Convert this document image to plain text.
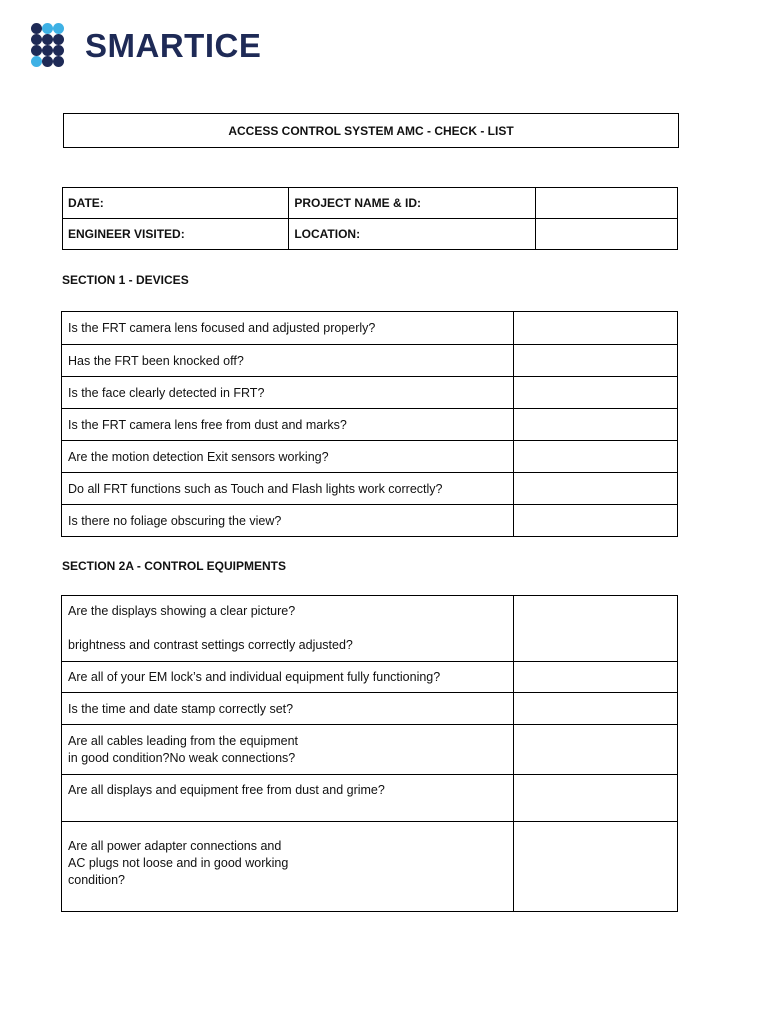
SMARTICE
ACCESS CONTROL SYSTEM AMC - CHECK - LIST
DATE:	PROJECT NAME & ID:	
ENGINEER VISITED:	LOCATION:	
SECTION 1 - DEVICES
Is the FRT camera lens focused and adjusted properly?	
Has the FRT been knocked off?	
Is the face clearly detected in FRT?	
Is the FRT camera lens free from dust and marks?	
Are the motion detection Exit sensors working?	
Do all FRT functions such as Touch and Flash lights work correctly?	
Is there no foliage obscuring the view?	
SECTION 2A - CONTROL EQUIPMENTS
Are the displays showing a clear picture?
brightness and contrast settings correctly adjusted?	

Are all of your EM lock’s and individual equipment fully functioning?	
Is the time and date stamp correctly set?	

Are all cables leading from the equipment
in good condition?No weak connections?	

Are all displays and equipment free from dust and grime?	

Are all power adapter connections and
AC plugs not loose and in good working
condition?	
